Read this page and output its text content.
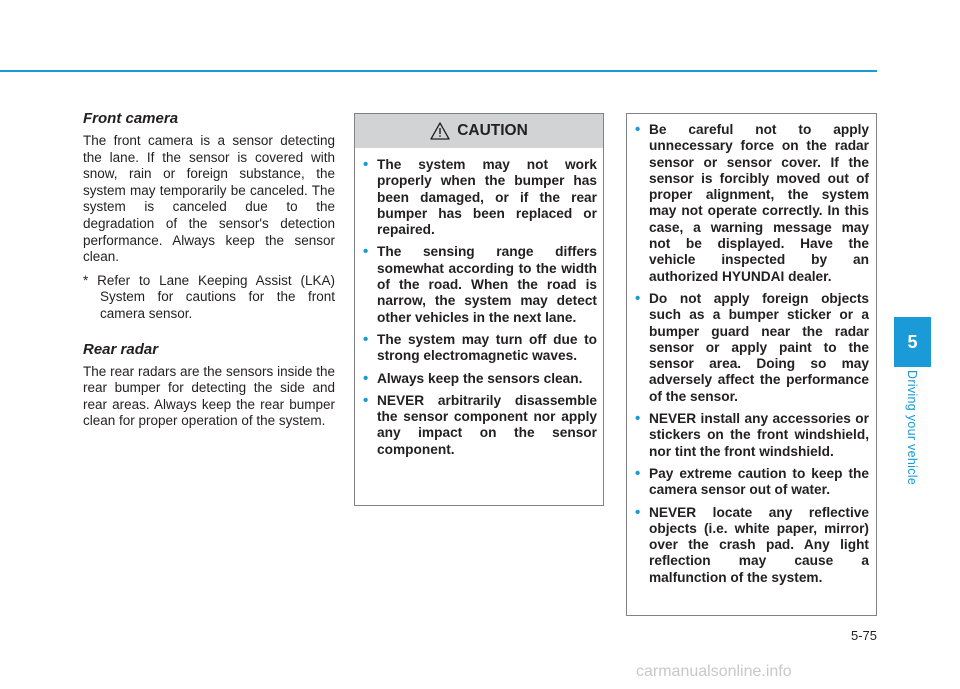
Front camera

The front camera is a sensor detecting the lane. If the sensor is covered with snow, rain or foreign substance, the system may temporarily be canceled. The system is canceled due to the degradation of the sensor's detection performance. Always keep the sensor clean.

* Refer to Lane Keeping Assist (LKA) System for cautions for the front camera sensor.

Rear radar

The rear radars are the sensors inside the rear bumper for detecting the side and rear areas. Always keep the rear bumper clean for proper operation of the system.

CAUTION
• The system may not work properly when the bumper has been damaged, or if the rear bumper has been replaced or repaired.
• The sensing range differs somewhat according to the width of the road. When the road is narrow, the system may detect other vehicles in the next lane.
• The system may turn off due to strong electromagnetic waves.
• Always keep the sensors clean.
• NEVER arbitrarily disassemble the sensor component nor apply any impact on the sensor component.
• Be careful not to apply unnecessary force on the radar sensor or sensor cover. If the sensor is forcibly moved out of proper alignment, the system may not operate correctly. In this case, a warning message may not be displayed. Have the vehicle inspected by an authorized HYUNDAI dealer.
• Do not apply foreign objects such as a bumper sticker or a bumper guard near the radar sensor or apply paint to the sensor area. Doing so may adversely affect the performance of the sensor.
• NEVER install any accessories or stickers on the front windshield, nor tint the front windshield.
• Pay extreme caution to keep the camera sensor out of water.
• NEVER locate any reflective objects (i.e. white paper, mirror) over the crash pad. Any light reflection may cause a malfunction of the system.
5
Driving your vehicle
5-75
carmanualsonline.info
